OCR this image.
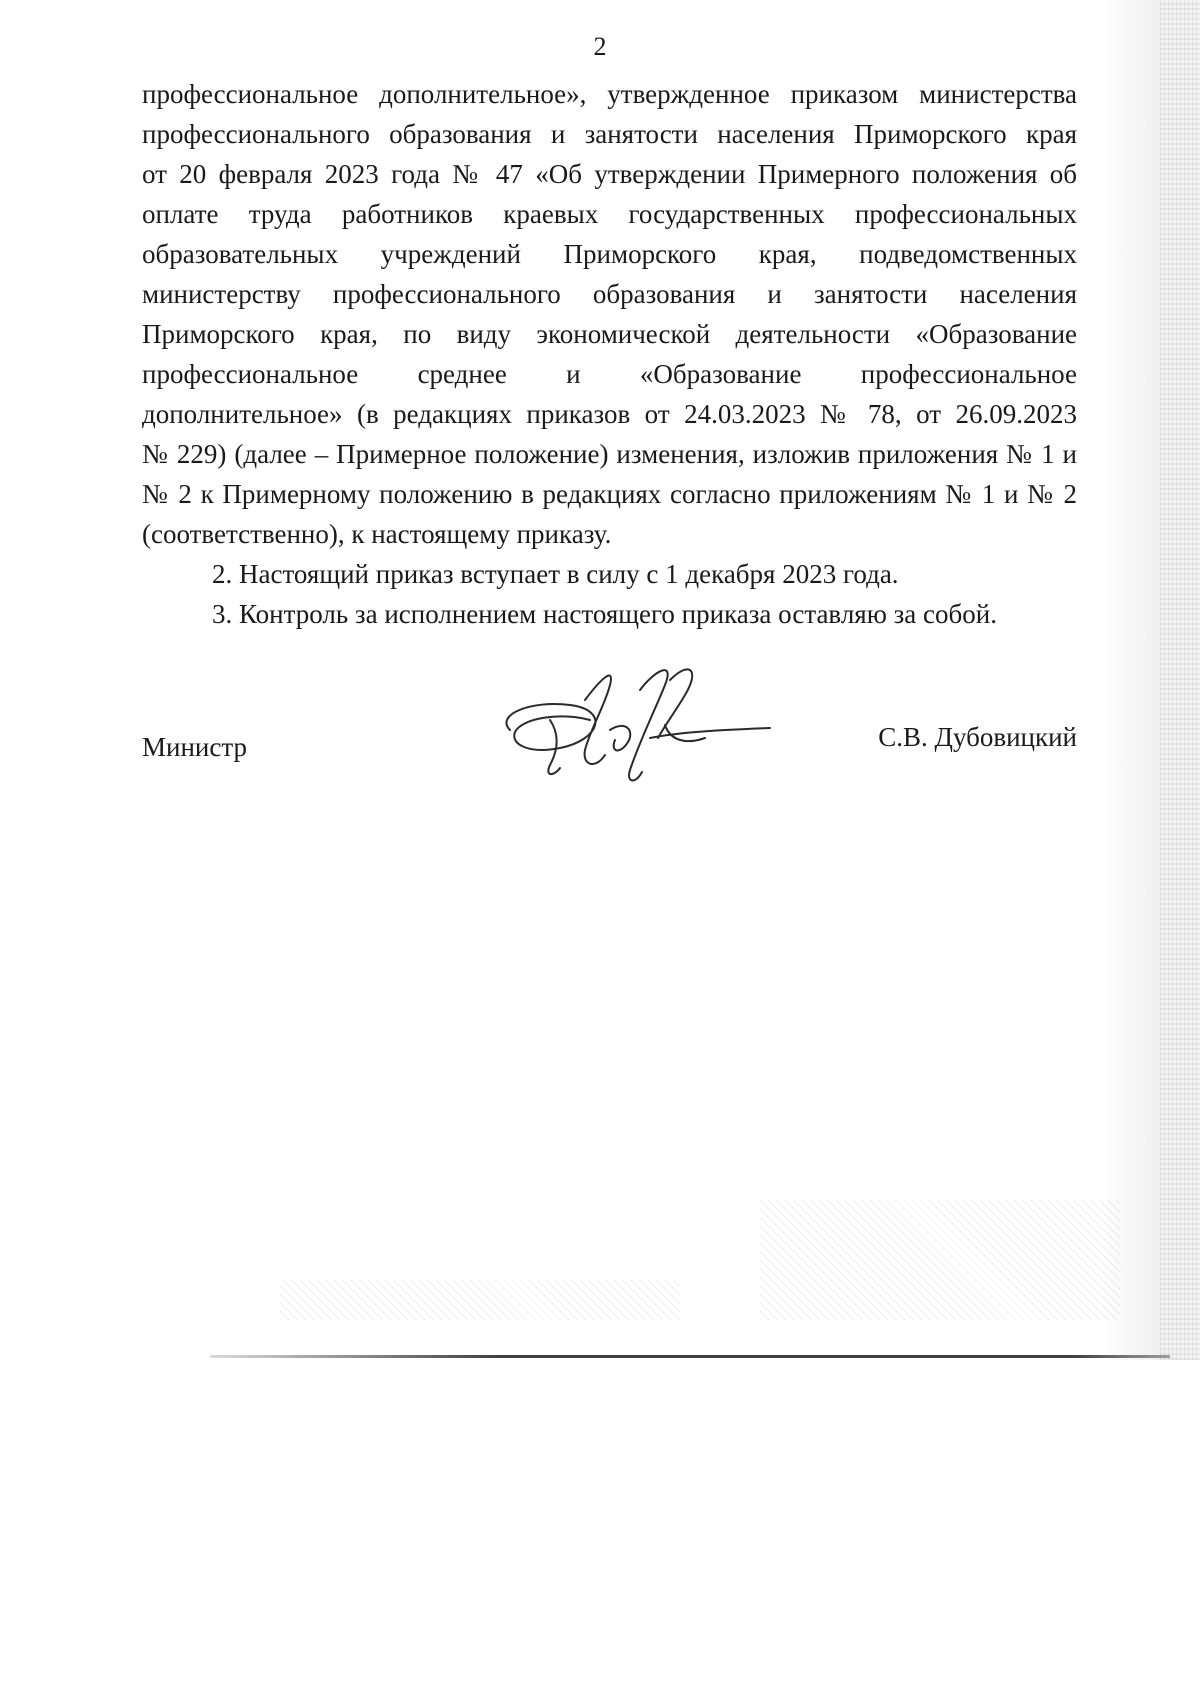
2

профессиональное дополнительное», утвержденное приказом министерства
профессионального образования и занятости населения Приморского края
от 20 февраля 2023 года № 47 «Об утверждении Примерного положения об
оплате труда работников краевых государственных профессиональных
образовательных учреждений Приморского края, подведомственных
министерству профессионального образования и занятости населения
Приморского края, по виду экономической деятельности «Образование
профессиональное среднее и «Образование профессиональное
дополнительное» (в редакциях приказов от 24.03.2023 № 78, от 26.09.2023
№ 229) (далее – Примерное положение) изменения, изложив приложения № 1 и
№ 2 к Примерному положению в редакциях согласно приложениям № 1 и № 2
(соответственно), к настоящему приказу.

2. Настоящий приказ вступает в силу с 1 декабря 2023 года.

3. Контроль за исполнением настоящего приказа оставляю за собой.

Министр	С.В. Дубовицкий
